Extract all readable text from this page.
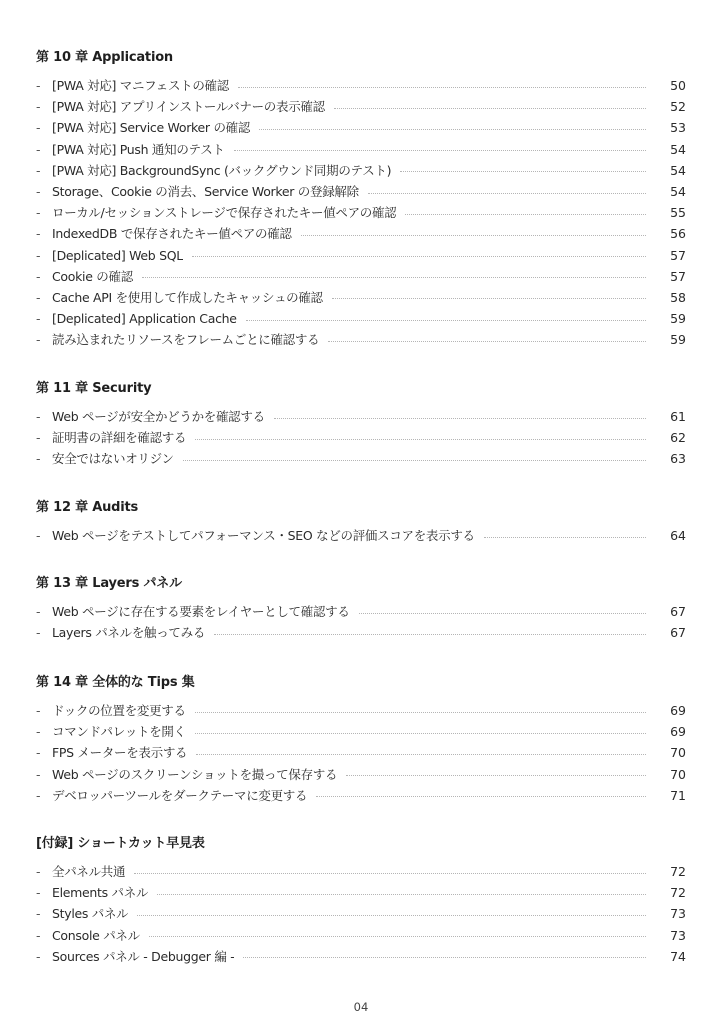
第 10 章 Application
- [PWA 対応] マニフェストの確認	50
- [PWA 対応] アプリインストールバナーの表示確認	52
- [PWA 対応] Service Worker の確認	53
- [PWA 対応] Push 通知のテスト	54
- [PWA 対応] BackgroundSync (バックグウンド同期のテスト)	54
- Storage、Cookie の消去、Service Worker の登録解除	54
- ローカル/セッションストレージで保存されたキー値ペアの確認	55
- IndexedDB で保存されたキー値ペアの確認	56
- [Deplicated] Web SQL	57
- Cookie の確認	57
- Cache API を使用して作成したキャッシュの確認	58
- [Deplicated] Application Cache	59
- 読み込まれたリソースをフレームごとに確認する	59
第 11 章 Security
- Web ページが安全かどうかを確認する	61
- 証明書の詳細を確認する	62
- 安全ではないオリジン	63
第 12 章 Audits
- Web ページをテストしてパフォーマンス・SEO などの評価スコアを表示する	64
第 13 章 Layers パネル
- Web ページに存在する要素をレイヤーとして確認する	67
- Layers パネルを触ってみる	67
第 14 章 全体的な Tips 集
- ドックの位置を変更する	69
- コマンドパレットを開く	69
- FPS メーターを表示する	70
- Web ページのスクリーンショットを撮って保存する	70
- デベロッパーツールをダークテーマに変更する	71
[付録] ショートカット早見表
- 全パネル共通	72
- Elements パネル	72
- Styles パネル	73
- Console パネル	73
- Sources パネル - Debugger 編 -	74
04
